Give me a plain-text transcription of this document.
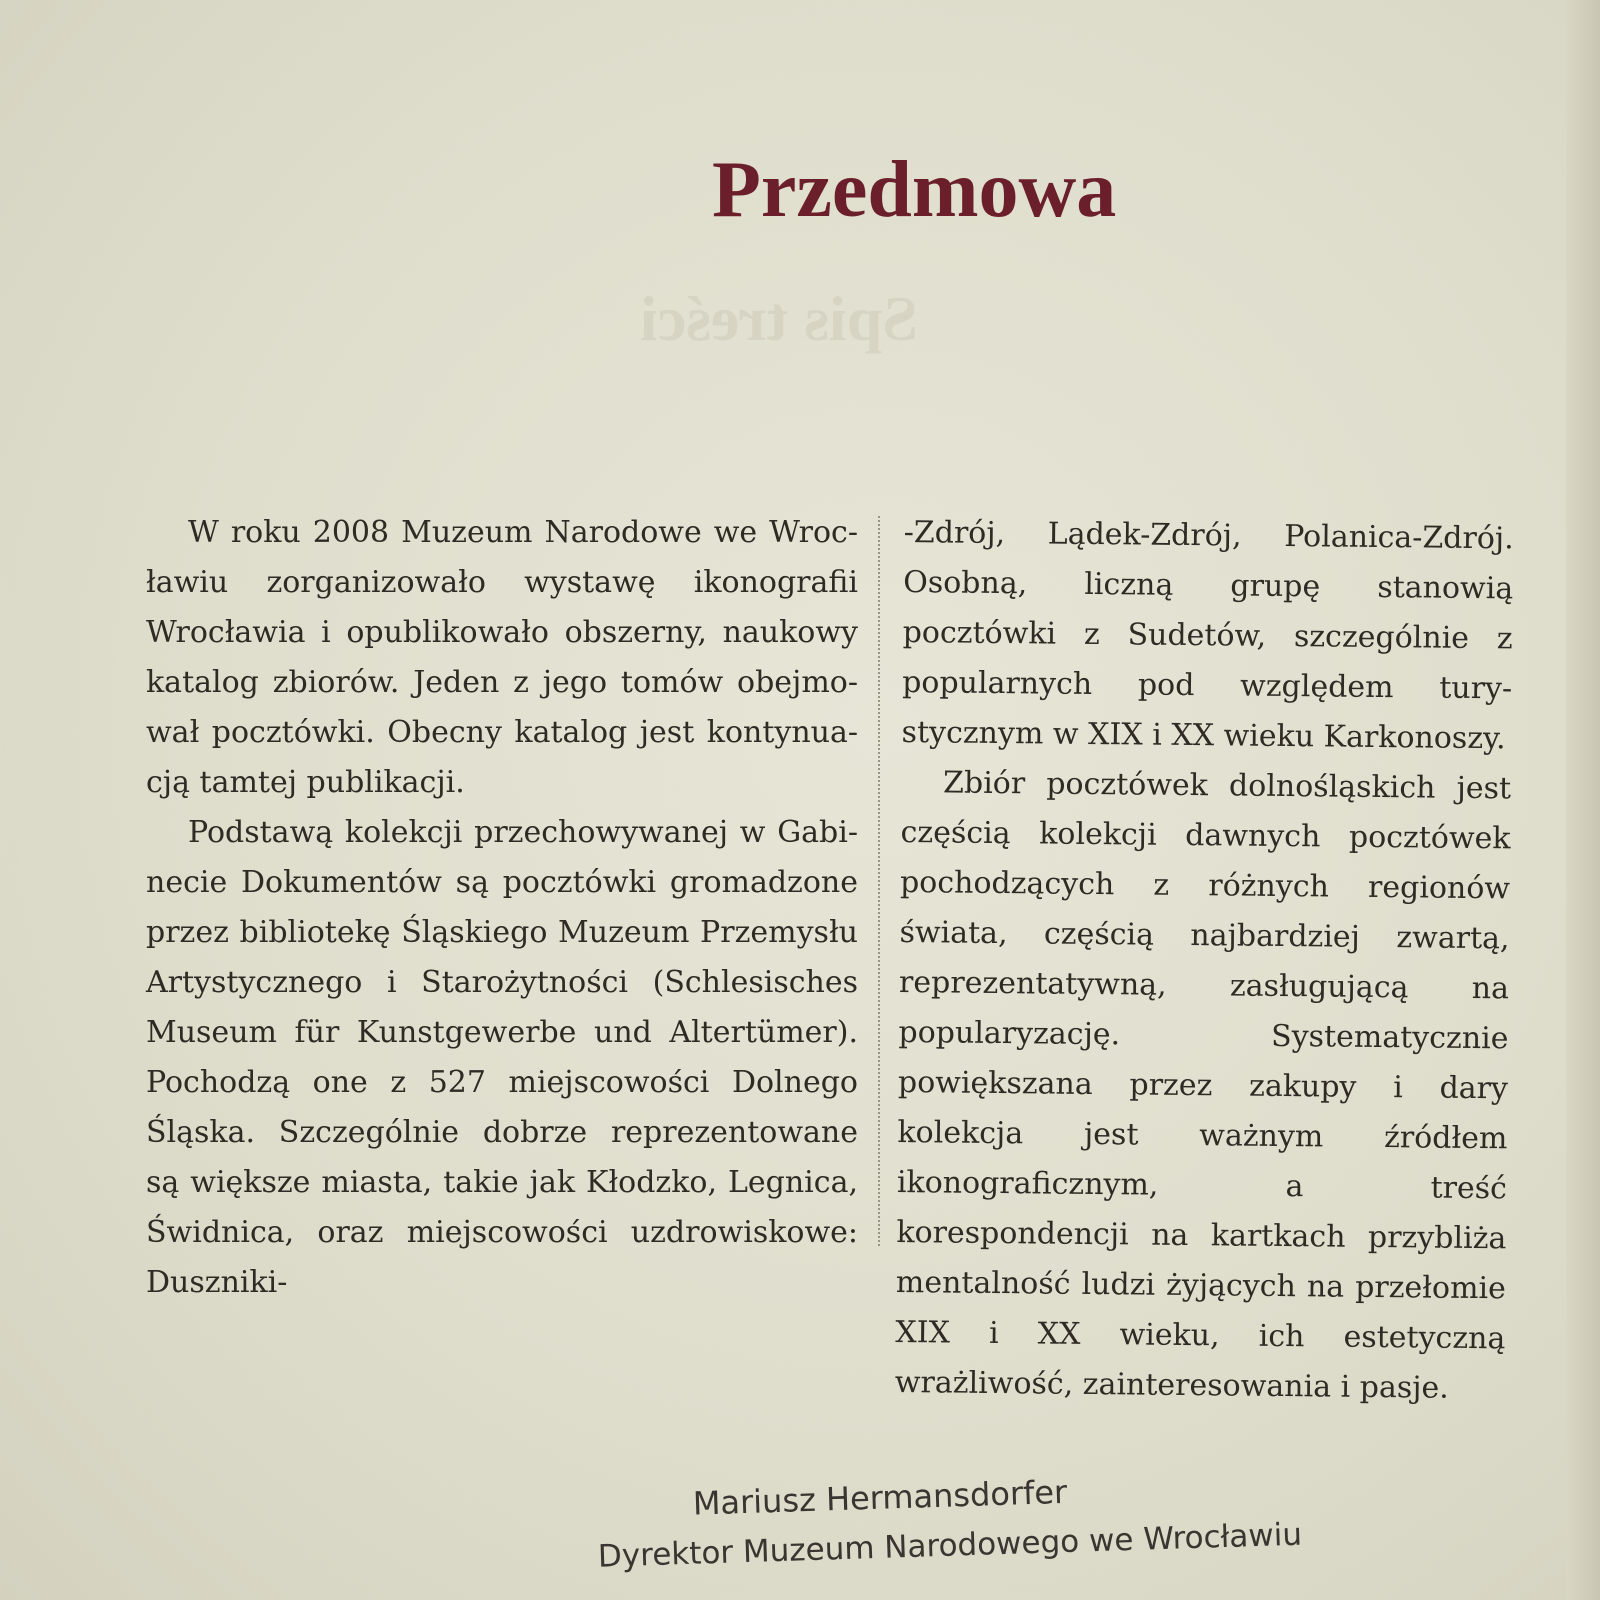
Spis treści
Przedmowa

W roku 2008 Muzeum Narodowe we Wrocławiu zorganizowało wystawę ikonografii Wrocławia i opublikowało obszerny, naukowy katalog zbiorów. Jeden z jego tomów obejmował pocztówki. Obecny katalog jest kontynuacją tamtej publikacji.

Podstawą kolekcji przechowywanej w Gabinecie Dokumentów są pocztówki gromadzone przez bibliotekę Śląskiego Muzeum Przemysłu Artystycznego i Starożytności (Schlesisches Museum für Kunstgewerbe und Altertümer). Pochodzą one z 527 miejscowości Dolnego Śląska. Szczególnie dobrze reprezentowane są większe miasta, takie jak Kłodzko, Legnica, Świdnica, oraz miejscowości uzdrowiskowe: Duszniki-

-Zdrój, Lądek-Zdrój, Polanica-Zdrój. Osobną, liczną grupę stanowią pocztówki z Sudetów, szczególnie z popularnych pod względem turystycznym w XIX i XX wieku Karkonoszy.

Zbiór pocztówek dolnośląskich jest częścią kolekcji dawnych pocztówek pochodzących z różnych regionów świata, częścią najbardziej zwartą, reprezentatywną, zasługującą na popularyzację. Systematycznie powiększana przez zakupy i dary kolekcja jest ważnym źródłem ikonograficznym, a treść korespondencji na kartkach przybliża mentalność ludzi żyjących na przełomie XIX i XX wieku, ich estetyczną wrażliwość, zainteresowania i pasje.

Mariusz Hermansdorfer
Dyrektor Muzeum Narodowego we Wrocławiu
